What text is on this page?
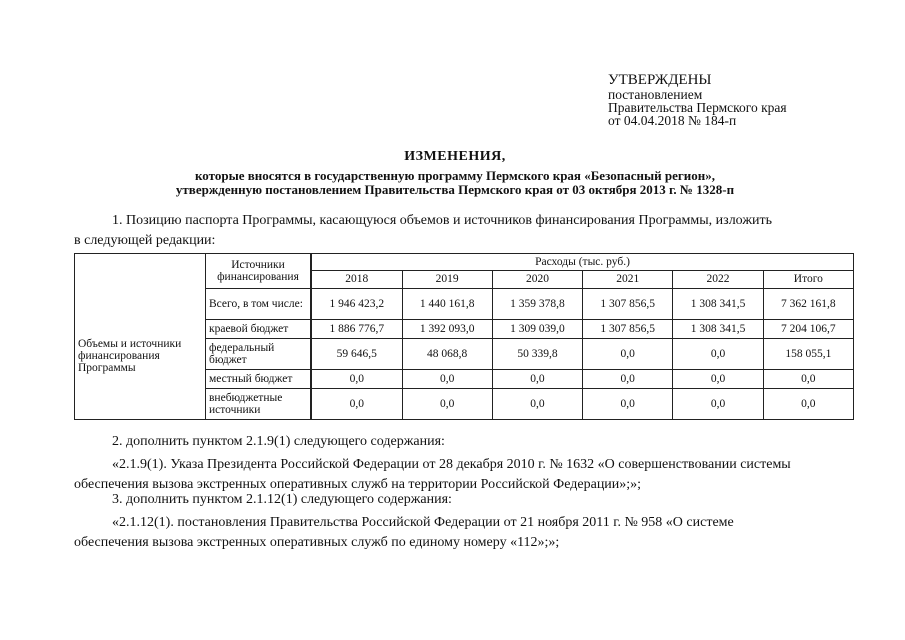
УТВЕРЖДЕНЫ
постановлением
Правительства Пермского края
от 04.04.2018 № 184-п
ИЗМЕНЕНИЯ,
которые вносятся в государственную программу Пермского края «Безопасный регион»,
утвержденную постановлением Правительства Пермского края от 03 октября 2013 г. № 1328-п
1. Позицию паспорта Программы, касающуюся объемов и источников финансирования Программы, изложить
в следующей редакции:
Объемы и источники финансирования Программы	Источники финансирования	Расходы (тыс. руб.)					
		2018	2019	2020	2021	2022	Итого
	Всего, в том числе:	1 946 423,2	1 440 161,8	1 359 378,8	1 307 856,5	1 308 341,5	7 362 161,8
	краевой бюджет	1 886 776,7	1 392 093,0	1 309 039,0	1 307 856,5	1 308 341,5	7 204 106,7
	федеральный бюджет	59 646,5	48 068,8	50 339,8	0,0	0,0	158 055,1
	местный бюджет	0,0	0,0	0,0	0,0	0,0	0,0
	внебюджетные источники	0,0	0,0	0,0	0,0	0,0	0,0
2. дополнить пунктом 2.1.9(1) следующего содержания:
«2.1.9(1). Указа Президента Российской Федерации от 28 декабря 2010 г. № 1632 «О совершенствовании системы
обеспечения вызова экстренных оперативных служб на территории Российской Федерации»;»;
3. дополнить пунктом 2.1.12(1) следующего содержания:
«2.1.12(1). постановления Правительства Российской Федерации от 21 ноября 2011 г. № 958 «О системе
обеспечения вызова экстренных оперативных служб по единому номеру «112»;»;
